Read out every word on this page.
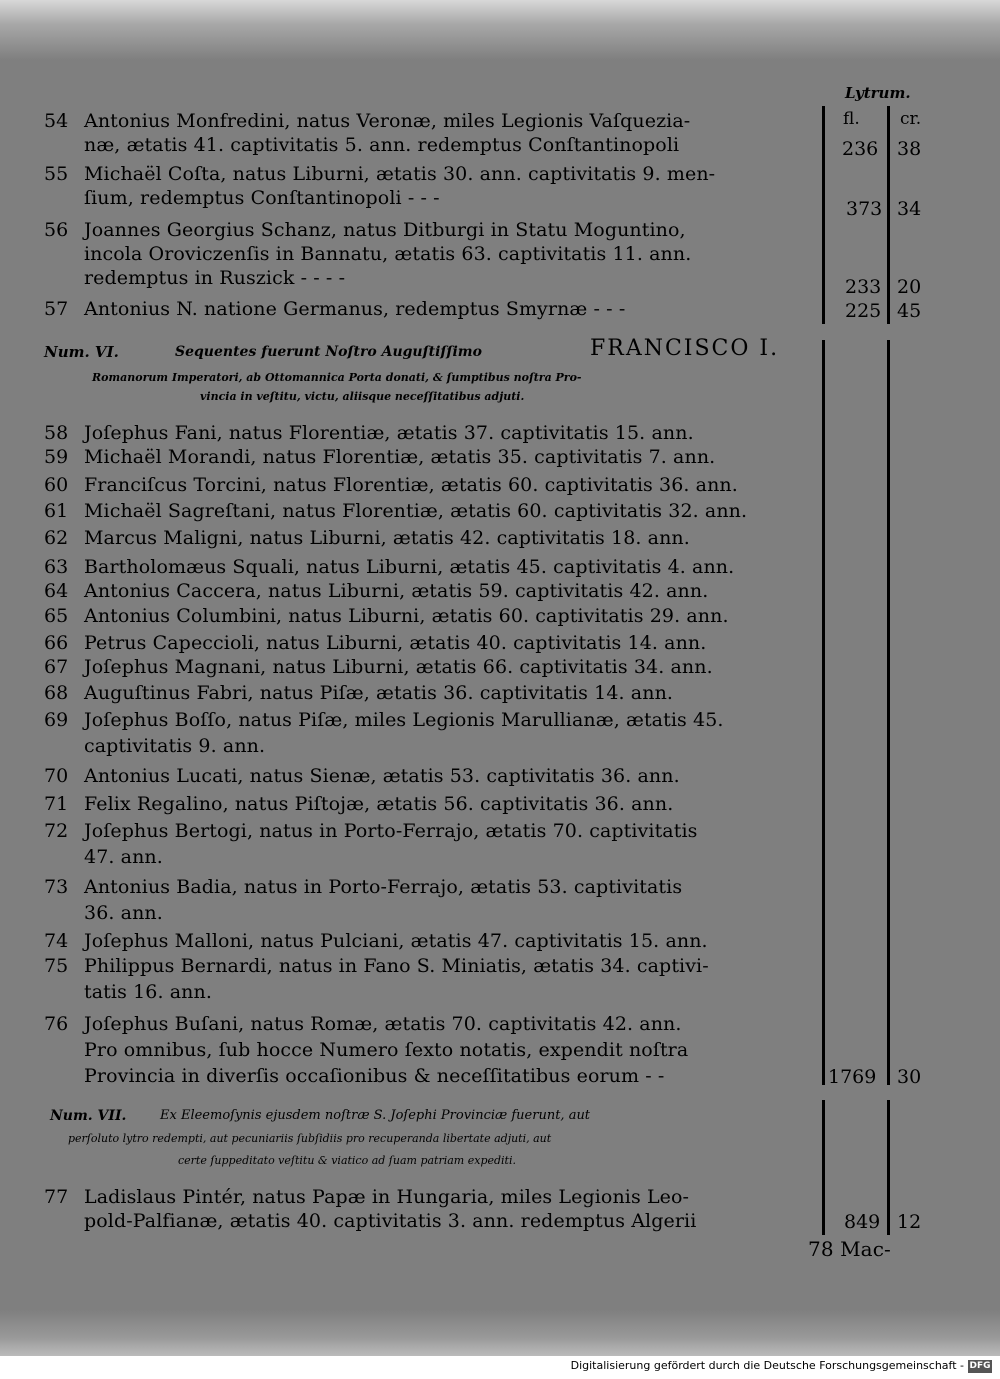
Lytrum.
fl. cr.
54 Antonius Monfredini, natus Veronæ, miles Legionis Vaſquezia-
næ, ætatis 41. captivitatis 5. ann. redemptus Conſtantinopoli	236 38
55 Michaël Coſta, natus Liburni, ætatis 30. ann. captivitatis 9. men-
ſium, redemptus Conſtantinopoli - - -	373 34
56 Joannes Georgius Schanz, natus Ditburgi in Statu Moguntino,
incola Oroviczenſis in Bannatu, ætatis 63. captivitatis 11. ann.
redemptus in Ruszick - - - -	233 20
57 Antonius N. natione Germanus, redemptus Smyrnæ - - -	225 45
Num. VI.	Sequentes fuerunt Noſtro Auguſtiſſimo	FRANCISCO I.
Romanorum Imperatori, ab Ottomannica Porta donati, & ſumptibus noſtra Pro-
vincia in veſtitu, victu, aliisque neceſſitatibus adjuti.
58 Joſephus Fani, natus Florentiæ, ætatis 37. captivitatis 15. ann.
59 Michaël Morandi, natus Florentiæ, ætatis 35. captivitatis 7. ann.
60 Franciſcus Torcini, natus Florentiæ, ætatis 60. captivitatis 36. ann.
61 Michaël Sagreſtani, natus Florentiæ, ætatis 60. captivitatis 32. ann.
62 Marcus Maligni, natus Liburni, ætatis 42. captivitatis 18. ann.
63 Bartholomæus Squali, natus Liburni, ætatis 45. captivitatis 4. ann.
64 Antonius Caccera, natus Liburni, ætatis 59. captivitatis 42. ann.
65 Antonius Columbini, natus Liburni, ætatis 60. captivitatis 29. ann.
66 Petrus Capeccioli, natus Liburni, ætatis 40. captivitatis 14. ann.
67 Joſephus Magnani, natus Liburni, ætatis 66. captivitatis 34. ann.
68 Auguſtinus Fabri, natus Piſæ, ætatis 36. captivitatis 14. ann.
69 Joſephus Boſſo, natus Piſæ, miles Legionis Marullianæ, ætatis 45.
captivitatis 9. ann.
70 Antonius Lucati, natus Sienæ, ætatis 53. captivitatis 36. ann.
71 Felix Regalino, natus Piſtojæ, ætatis 56. captivitatis 36. ann.
72 Joſephus Bertogi, natus in Porto-Ferrajo, ætatis 70. captivitatis
47. ann.
73 Antonius Badia, natus in Porto-Ferrajo, ætatis 53. captivitatis
36. ann.
74 Joſephus Malloni, natus Pulciani, ætatis 47. captivitatis 15. ann.
75 Philippus Bernardi, natus in Fano S. Miniatis, ætatis 34. captivi-
tatis 16. ann.
76 Joſephus Buſani, natus Romæ, ætatis 70. captivitatis 42. ann.
Pro omnibus, ſub hocce Numero ſexto notatis, expendit noſtra
Provincia in diverſis occaſionibus & neceſſitatibus eorum - -	1769 30
Num. VII.	Ex Eleemoſynis ejusdem noſtræ S. Joſephi Provinciæ fuerunt, aut
perſoluto lytro redempti, aut pecuniariis ſubſidiis pro recuperanda libertate adjuti, aut
certe ſuppeditato veſtitu & viatico ad ſuam patriam expediti.
77 Ladislaus Pintér, natus Papæ in Hungaria, miles Legionis Leo-
pold-Palfianæ, ætatis 40. captivitatis 3. ann. redemptus Algerii	849 12
78 Mac-
Digitalisierung gefördert durch die Deutsche Forschungsgemeinschaft - DFG
